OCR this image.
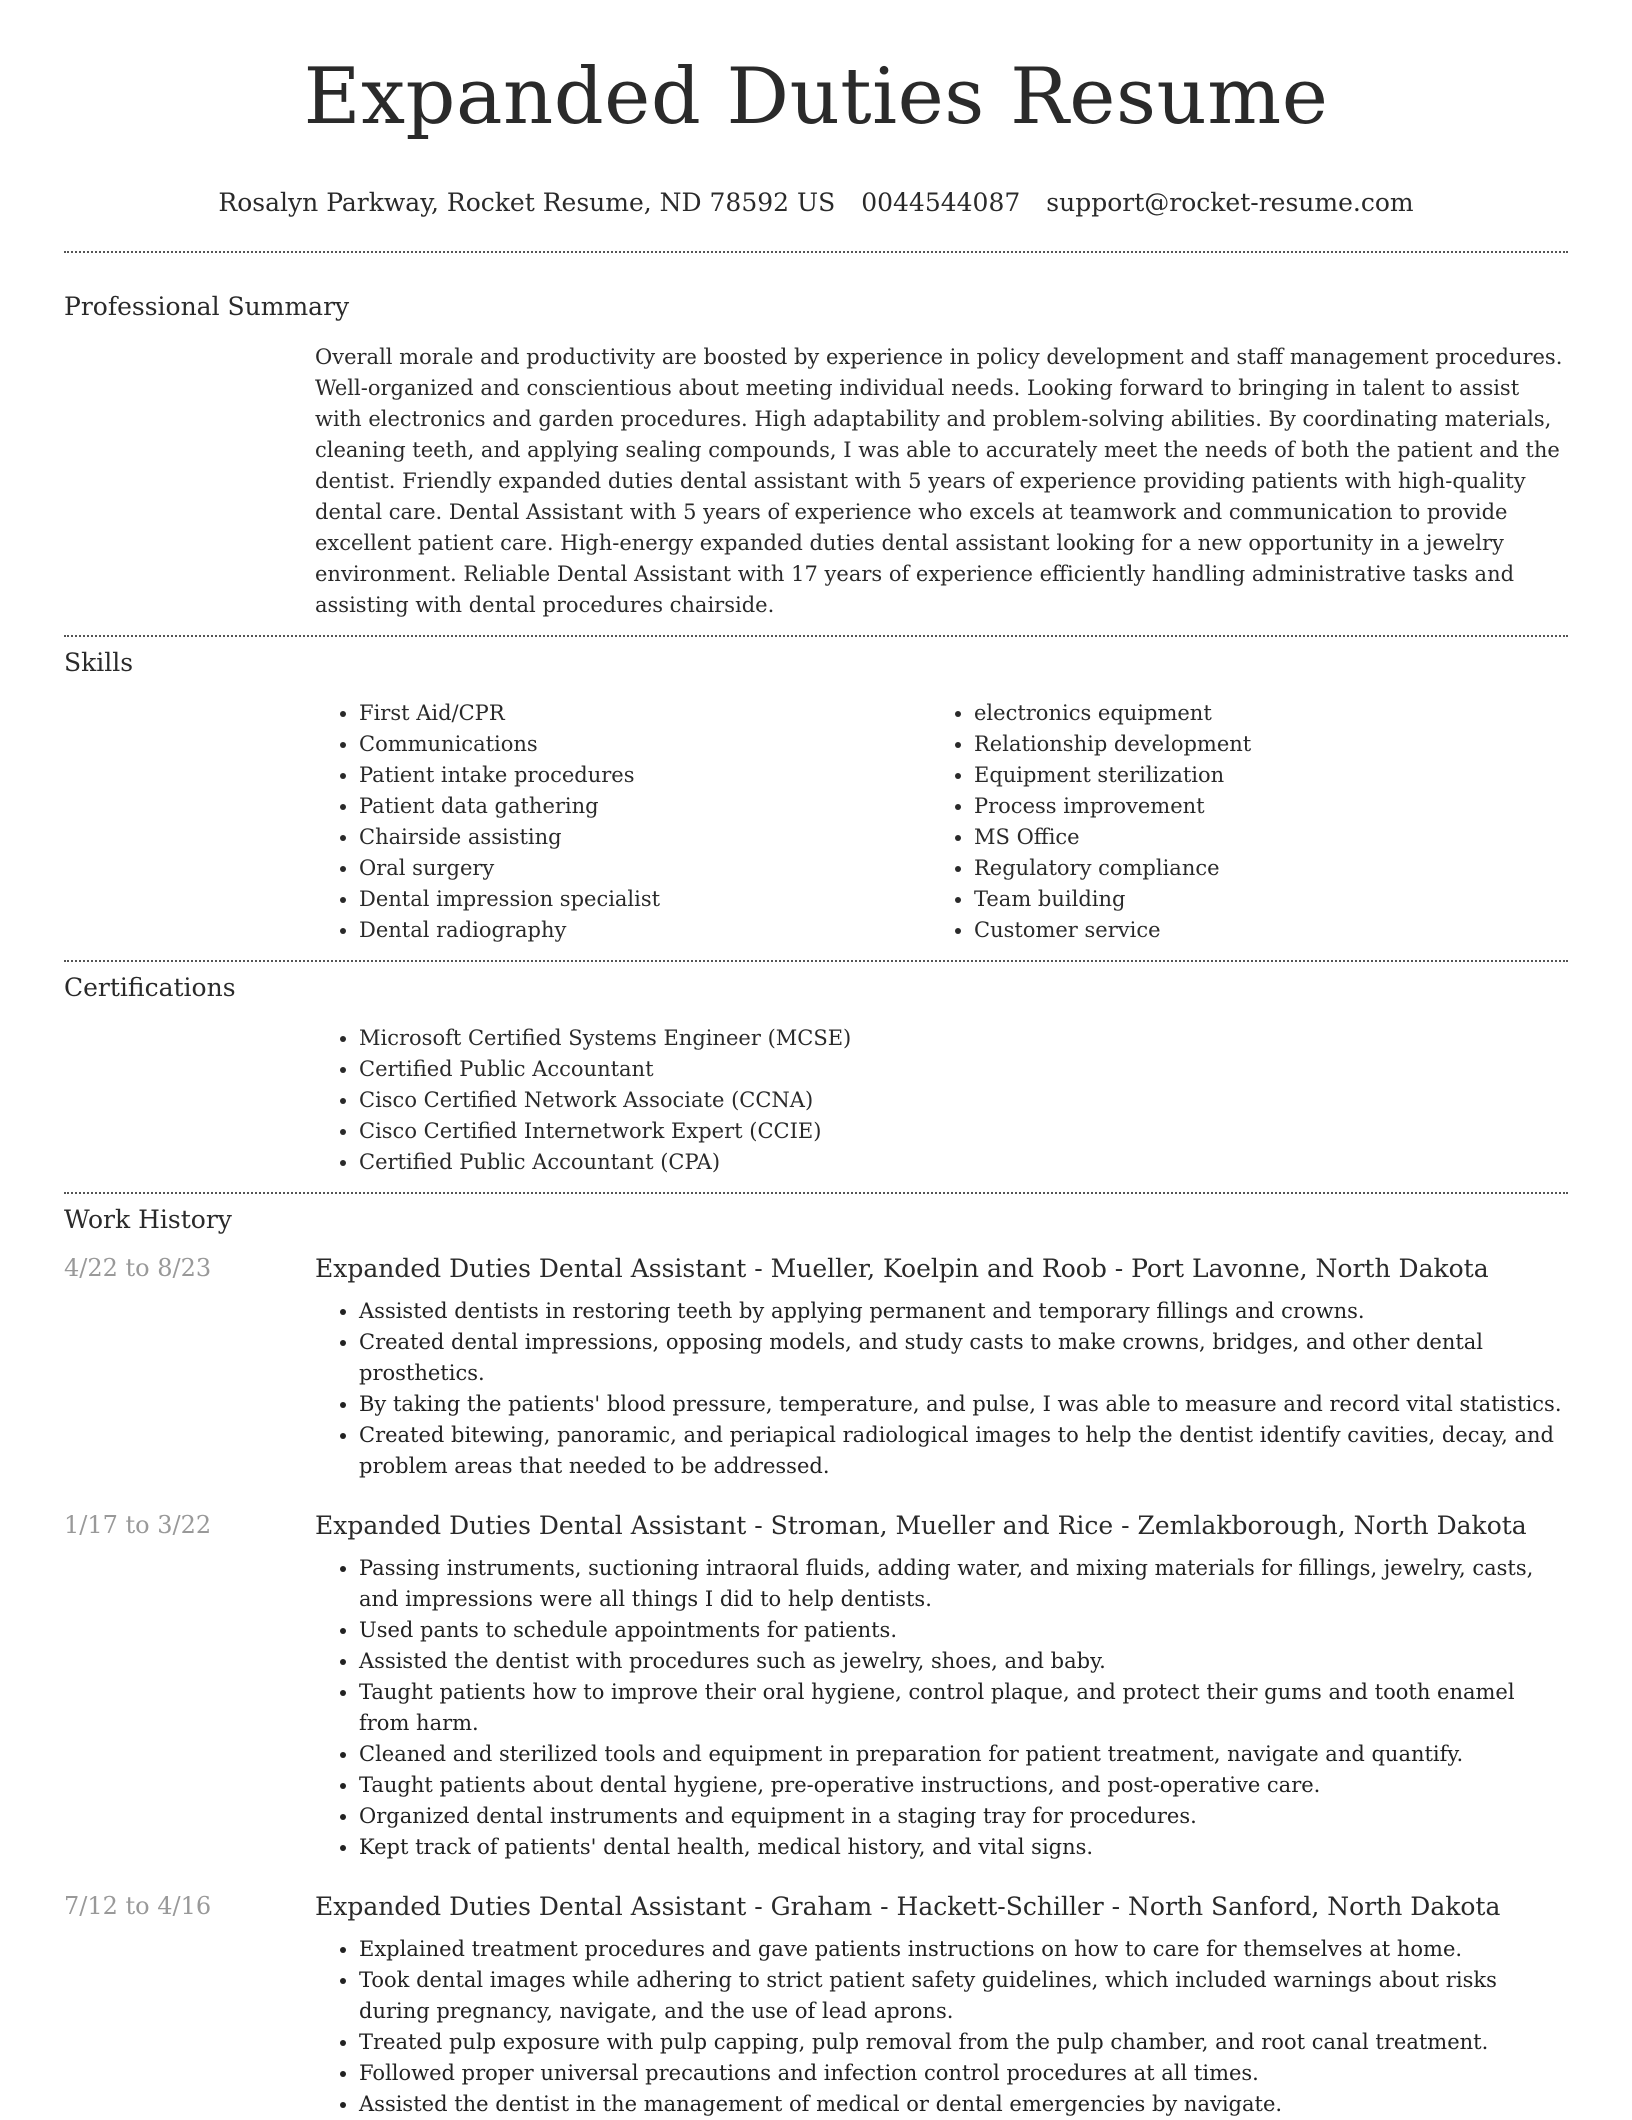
Expanded Duties Resume
Rosalyn Parkway, Rocket Resume, ND 78592 US 0044544087 support@rocket-resume.com
Professional Summary

Overall morale and productivity are boosted by experience in policy development and staff management procedures. Well-organized and conscientious about meeting individual needs. Looking forward to bringing in talent to assist with electronics and garden procedures. High adaptability and problem-solving abilities. By coordinating materials, cleaning teeth, and applying sealing compounds, I was able to accurately meet the needs of both the patient and the dentist. Friendly expanded duties dental assistant with 5 years of experience providing patients with high-quality dental care. Dental Assistant with 5 years of experience who excels at teamwork and communication to provide excellent patient care. High-energy expanded duties dental assistant looking for a new opportunity in a jewelry environment. Reliable Dental Assistant with 17 years of experience efficiently handling administrative tasks and assisting with dental procedures chairside.

Skills
• First Aid/CPR
• Communications
• Patient intake procedures
• Patient data gathering
• Chairside assisting
• Oral surgery
• Dental impression specialist
• Dental radiography
• electronics equipment
• Relationship development
• Equipment sterilization
• Process improvement
• MS Office
• Regulatory compliance
• Team building
• Customer service
Certifications
• Microsoft Certified Systems Engineer (MCSE)
• Certified Public Accountant
• Cisco Certified Network Associate (CCNA)
• Cisco Certified Internetwork Expert (CCIE)
• Certified Public Accountant (CPA)
Work History
4/22 to 8/23	Expanded Duties Dental Assistant - Mueller, Koelpin and Roob - Port Lavonne, North Dakota
• Assisted dentists in restoring teeth by applying permanent and temporary fillings and crowns.
• Created dental impressions, opposing models, and study casts to make crowns, bridges, and other dental prosthetics.
• By taking the patients' blood pressure, temperature, and pulse, I was able to measure and record vital statistics.
• Created bitewing, panoramic, and periapical radiological images to help the dentist identify cavities, decay, and problem areas that needed to be addressed.
1/17 to 3/22	Expanded Duties Dental Assistant - Stroman, Mueller and Rice - Zemlakborough, North Dakota
• Passing instruments, suctioning intraoral fluids, adding water, and mixing materials for fillings, jewelry, casts, and impressions were all things I did to help dentists.
• Used pants to schedule appointments for patients.
• Assisted the dentist with procedures such as jewelry, shoes, and baby.
• Taught patients how to improve their oral hygiene, control plaque, and protect their gums and tooth enamel from harm.
• Cleaned and sterilized tools and equipment in preparation for patient treatment, navigate and quantify.
• Taught patients about dental hygiene, pre-operative instructions, and post-operative care.
• Organized dental instruments and equipment in a staging tray for procedures.
• Kept track of patients' dental health, medical history, and vital signs.
7/12 to 4/16	Expanded Duties Dental Assistant - Graham - Hackett-Schiller - North Sanford, North Dakota
• Explained treatment procedures and gave patients instructions on how to care for themselves at home.
• Took dental images while adhering to strict patient safety guidelines, which included warnings about risks during pregnancy, navigate, and the use of lead aprons.
• Treated pulp exposure with pulp capping, pulp removal from the pulp chamber, and root canal treatment.
• Followed proper universal precautions and infection control procedures at all times.
• Assisted the dentist in the management of medical or dental emergencies by navigate.
